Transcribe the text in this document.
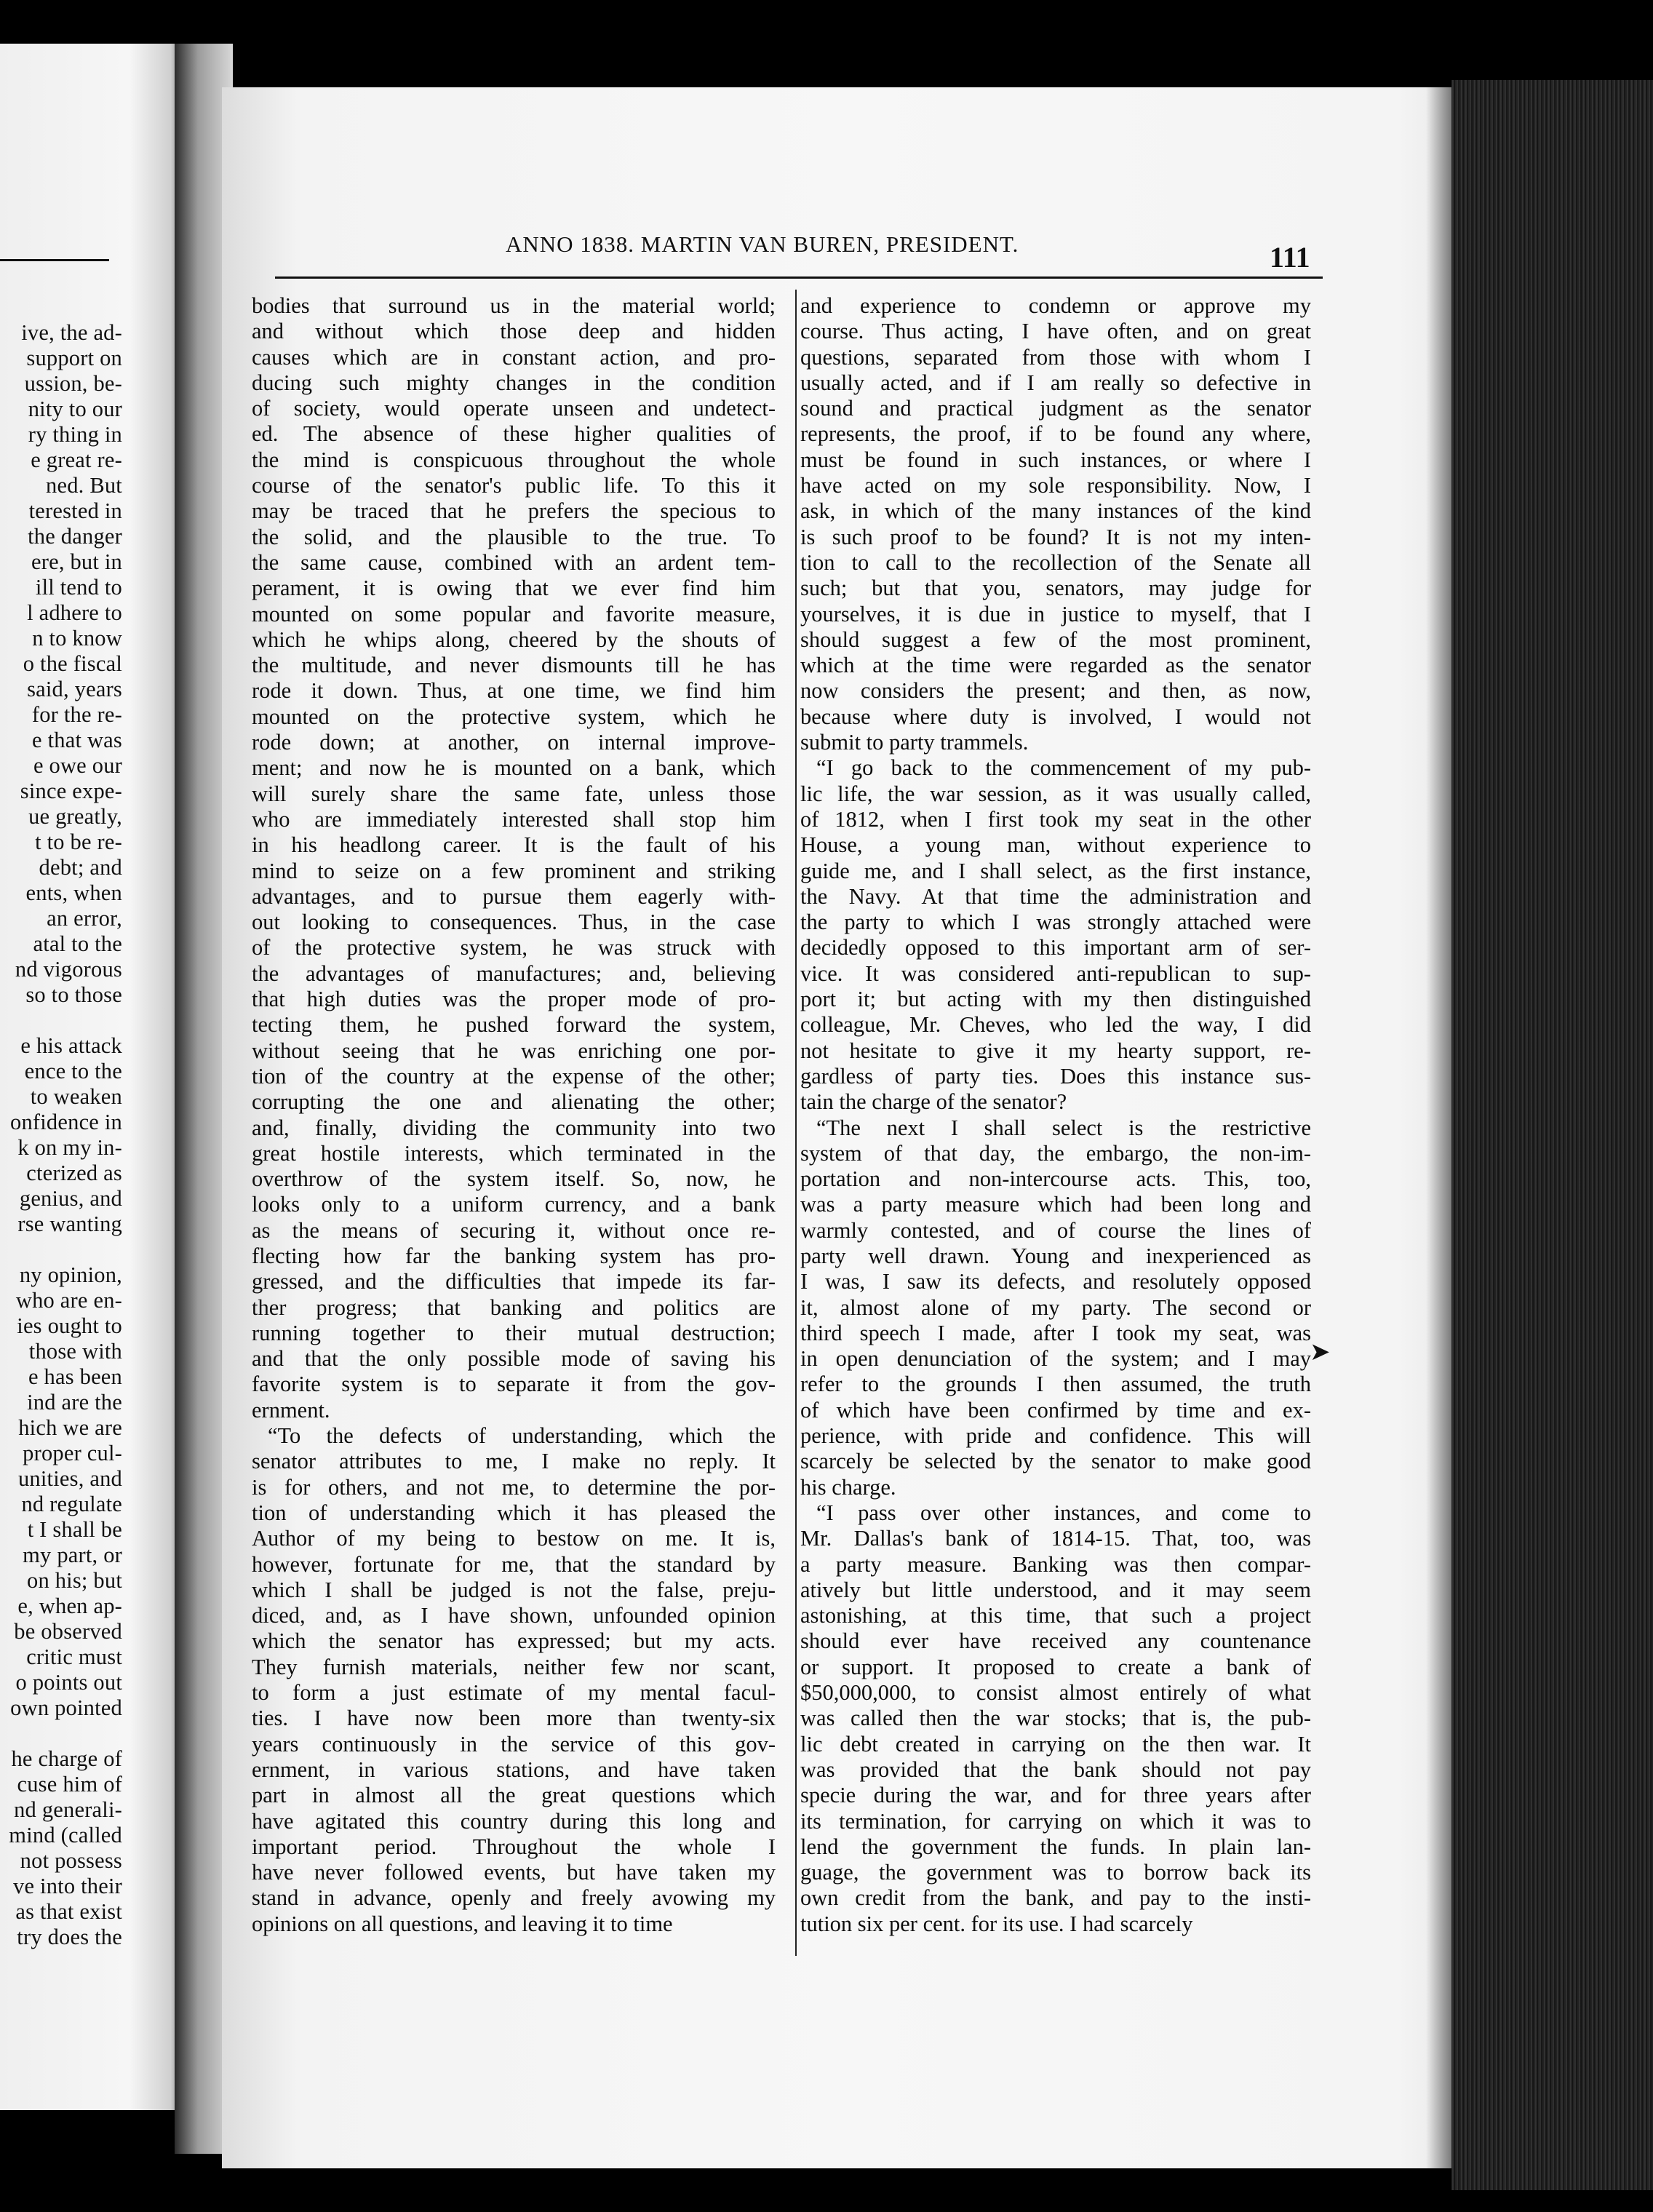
ive, the ad-
support on
ussion, be-
nity to our
ry thing in
e great re-
ned. But
terested in
the danger
ere, but in
ill tend to
l adhere to
n to know
o the fiscal
said, years
for the re-
e that was
e owe our
since expe-
ue greatly,
t to be re-
debt; and
ents, when
an error,
atal to the
nd vigorous
so to those
e his attack
ence to the
to weaken
onfidence in
k on my in-
cterized as
genius, and
rse wanting
ny opinion,
who are en-
ies ought to
those with
e has been
ind are the
hich we are
proper cul-
unities, and
nd regulate
t I shall be
my part, or
on his; but
e, when ap-
be observed
critic must
o points out
own pointed
he charge of
cuse him of
nd generali-
mind (called
not possess
ve into their
as that exist
try does the
ANNO 1838. MARTIN VAN BUREN, PRESIDENT.	111
bodies that surround us in the material world;
and without which those deep and hidden
causes which are in constant action, and pro-
ducing such mighty changes in the condition
of society, would operate unseen and undetect-
ed. The absence of these higher qualities of
the mind is conspicuous throughout the whole
course of the senator's public life. To this it
may be traced that he prefers the specious to
the solid, and the plausible to the true. To
the same cause, combined with an ardent tem-
perament, it is owing that we ever find him
mounted on some popular and favorite measure,
which he whips along, cheered by the shouts of
the multitude, and never dismounts till he has
rode it down. Thus, at one time, we find him
mounted on the protective system, which he
rode down; at another, on internal improve-
ment; and now he is mounted on a bank, which
will surely share the same fate, unless those
who are immediately interested shall stop him
in his headlong career. It is the fault of his
mind to seize on a few prominent and striking
advantages, and to pursue them eagerly with-
out looking to consequences. Thus, in the case
of the protective system, he was struck with
the advantages of manufactures; and, believing
that high duties was the proper mode of pro-
tecting them, he pushed forward the system,
without seeing that he was enriching one por-
tion of the country at the expense of the other;
corrupting the one and alienating the other;
and, finally, dividing the community into two
great hostile interests, which terminated in the
overthrow of the system itself. So, now, he
looks only to a uniform currency, and a bank
as the means of securing it, without once re-
flecting how far the banking system has pro-
gressed, and the difficulties that impede its far-
ther progress; that banking and politics are
running together to their mutual destruction;
and that the only possible mode of saving his
favorite system is to separate it from the gov-
ernment.
“To the defects of understanding, which the
senator attributes to me, I make no reply. It
is for others, and not me, to determine the por-
tion of understanding which it has pleased the
Author of my being to bestow on me. It is,
however, fortunate for me, that the standard by
which I shall be judged is not the false, preju-
diced, and, as I have shown, unfounded opinion
which the senator has expressed; but my acts.
They furnish materials, neither few nor scant,
to form a just estimate of my mental facul-
ties. I have now been more than twenty-six
years continuously in the service of this gov-
ernment, in various stations, and have taken
part in almost all the great questions which
have agitated this country during this long and
important period. Throughout the whole I
have never followed events, but have taken my
stand in advance, openly and freely avowing my
opinions on all questions, and leaving it to time
and experience to condemn or approve my
course. Thus acting, I have often, and on great
questions, separated from those with whom I
usually acted, and if I am really so defective in
sound and practical judgment as the senator
represents, the proof, if to be found any where,
must be found in such instances, or where I
have acted on my sole responsibility. Now, I
ask, in which of the many instances of the kind
is such proof to be found? It is not my inten-
tion to call to the recollection of the Senate all
such; but that you, senators, may judge for
yourselves, it is due in justice to myself, that I
should suggest a few of the most prominent,
which at the time were regarded as the senator
now considers the present; and then, as now,
because where duty is involved, I would not
submit to party trammels.
“I go back to the commencement of my pub-
lic life, the war session, as it was usually called,
of 1812, when I first took my seat in the other
House, a young man, without experience to
guide me, and I shall select, as the first instance,
the Navy. At that time the administration and
the party to which I was strongly attached were
decidedly opposed to this important arm of ser-
vice. It was considered anti-republican to sup-
port it; but acting with my then distinguished
colleague, Mr. Cheves, who led the way, I did
not hesitate to give it my hearty support, re-
gardless of party ties. Does this instance sus-
tain the charge of the senator?
“The next I shall select is the restrictive
system of that day, the embargo, the non-im-
portation and non-intercourse acts. This, too,
was a party measure which had been long and
warmly contested, and of course the lines of
party well drawn. Young and inexperienced as
I was, I saw its defects, and resolutely opposed
it, almost alone of my party. The second or
third speech I made, after I took my seat, was
in open denunciation of the system; and I may
refer to the grounds I then assumed, the truth
of which have been confirmed by time and ex-
perience, with pride and confidence. This will
scarcely be selected by the senator to make good
his charge.
“I pass over other instances, and come to
Mr. Dallas's bank of 1814-15. That, too, was
a party measure. Banking was then compar-
atively but little understood, and it may seem
astonishing, at this time, that such a project
should ever have received any countenance
or support. It proposed to create a bank of
$50,000,000, to consist almost entirely of what
was called then the war stocks; that is, the pub-
lic debt created in carrying on the then war. It
was provided that the bank should not pay
specie during the war, and for three years after
its termination, for carrying on which it was to
lend the government the funds. In plain lan-
guage, the government was to borrow back its
own credit from the bank, and pay to the insti-
tution six per cent. for its use. I had scarcely
➤
